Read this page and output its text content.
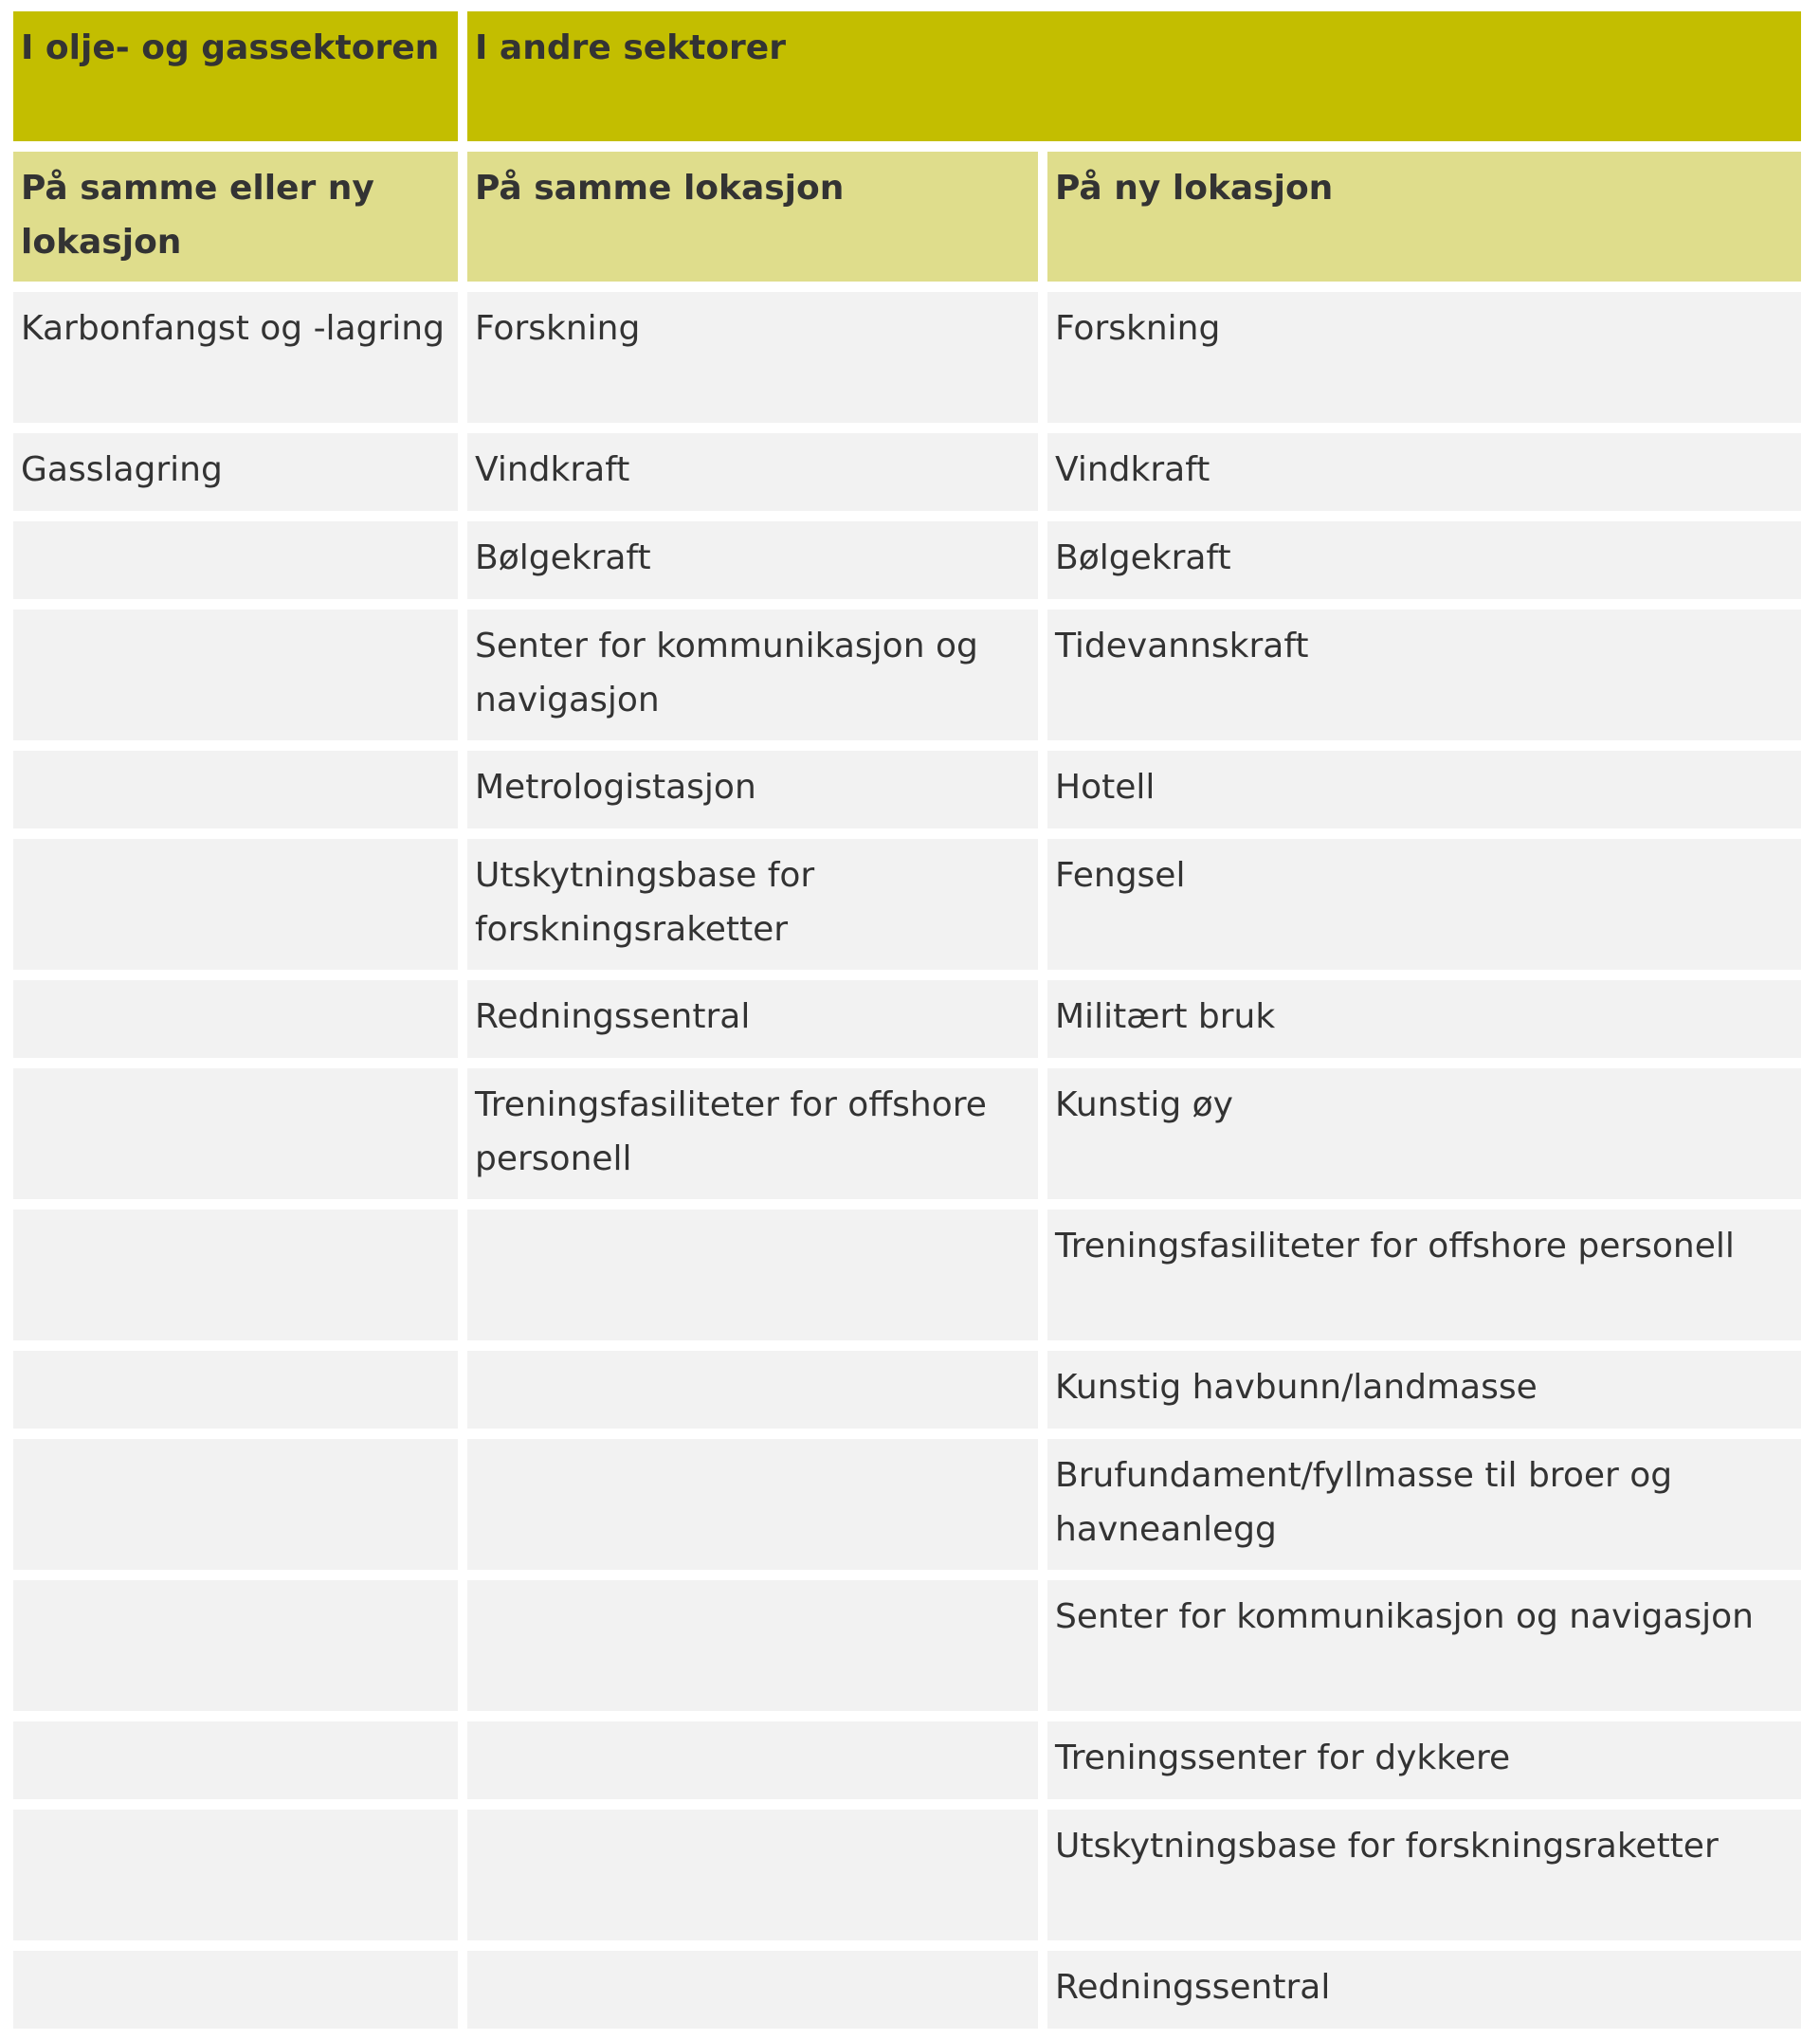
I olje- og gassektoren	I andre sektorer	
På samme eller ny lokasjon	På samme lokasjon	På ny lokasjon
Karbonfangst og -lagring	Forskning	Forskning
Gasslagring	Vindkraft	Vindkraft
	Bølgekraft	Bølgekraft
	Senter for kommunikasjon og navigasjon	Tidevannskraft
	Metrologistasjon	Hotell
	Utskytningsbase for forskningsraketter	Fengsel
	Redningssentral	Militært bruk
	Treningsfasiliteter for offshore personell	Kunstig øy
		Treningsfasiliteter for offshore personell
		Kunstig havbunn/landmasse
		Brufundament/fyllmasse til broer og havneanlegg
		Senter for kommunikasjon og navigasjon
		Treningssenter for dykkere
		Utskytningsbase for forskningsraketter
		Redningssentral
